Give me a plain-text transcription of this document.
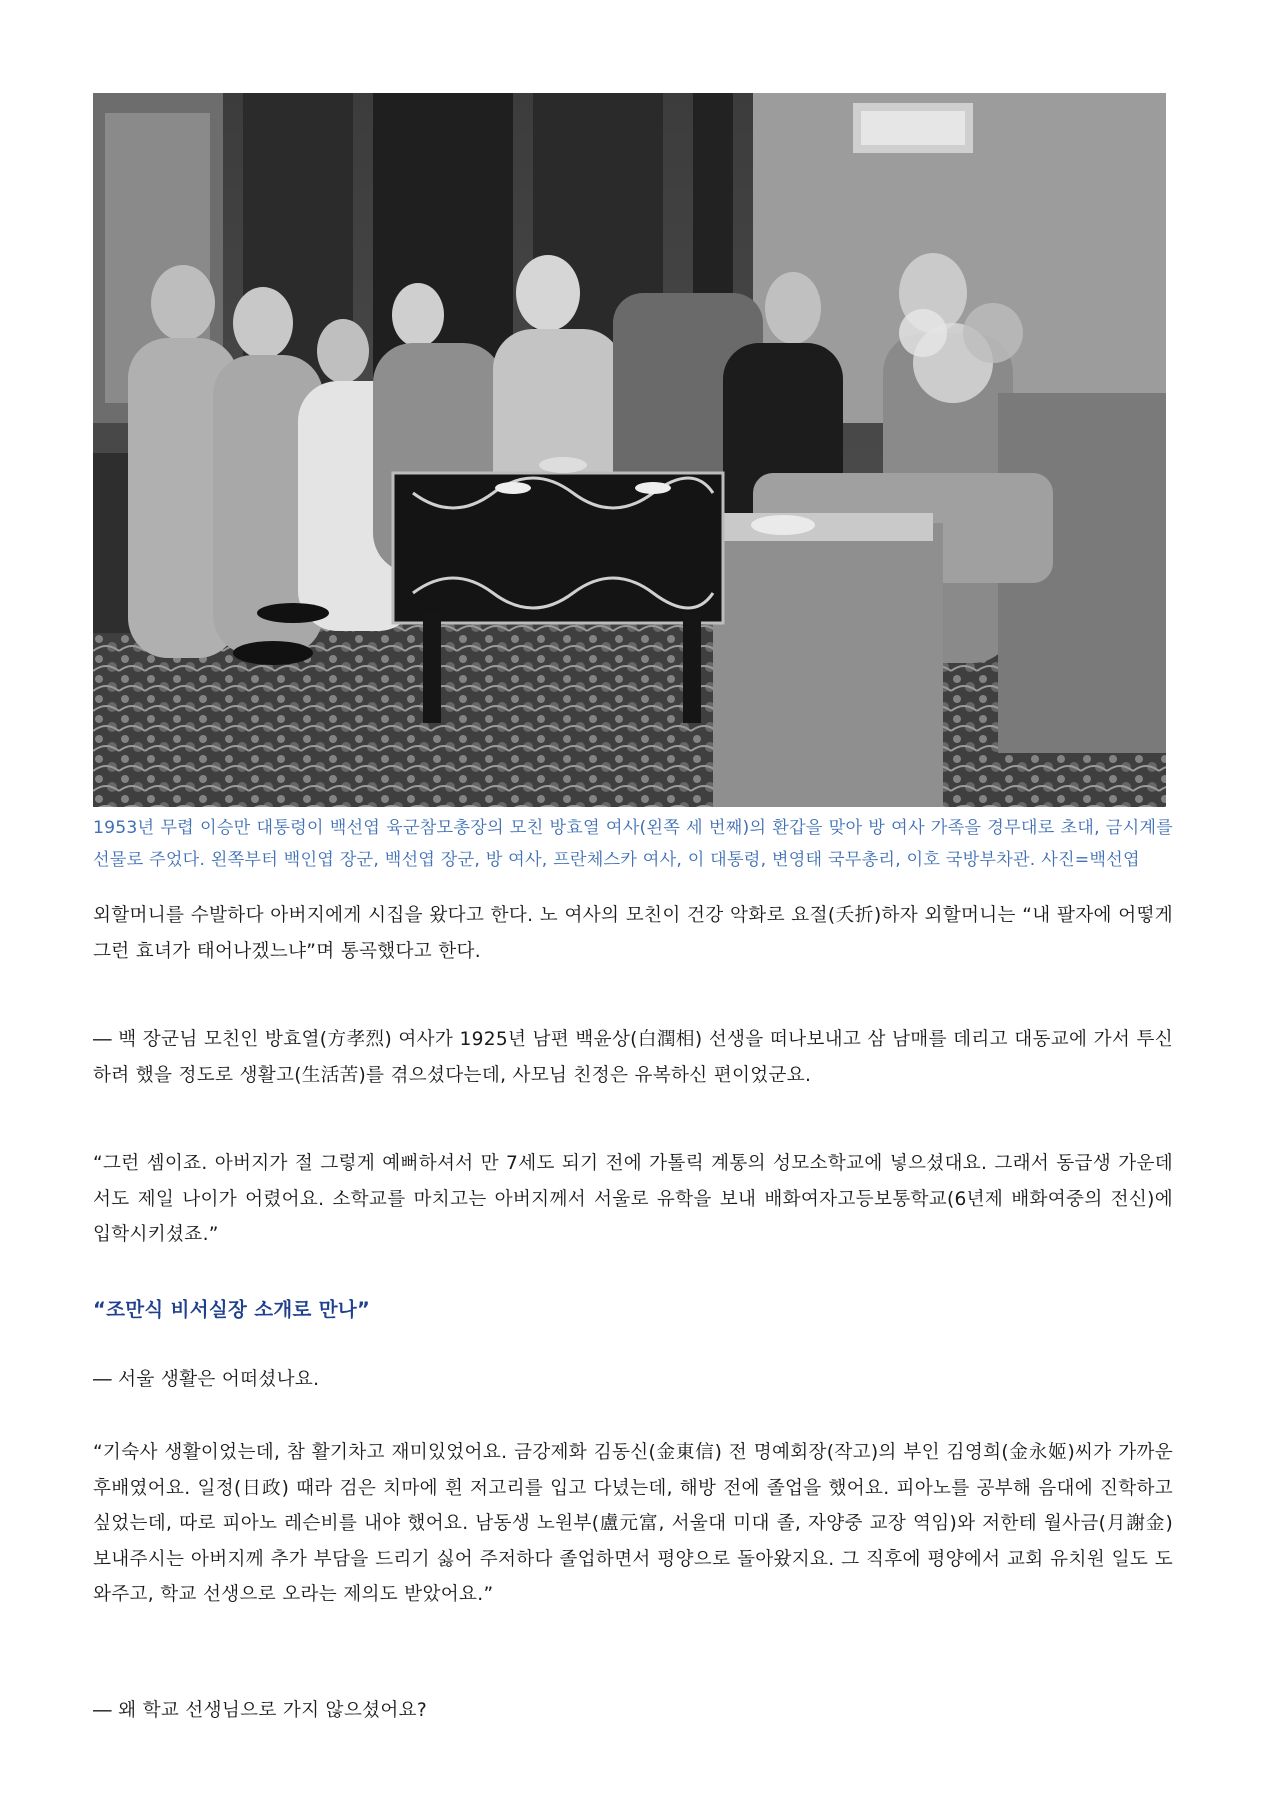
1953년 무렵 이승만 대통령이 백선엽 육군참모총장의 모친 방효열 여사(왼쪽 세 번째)의 환갑을 맞아 방 여사 가족을 경무대로 초대, 금시계를 선물로 주었다. 왼쪽부터 백인엽 장군, 백선엽 장군, 방 여사, 프란체스카 여사, 이 대통령, 변영태 국무총리, 이호 국방부차관. 사진=백선엽

외할머니를 수발하다 아버지에게 시집을 왔다고 한다. 노 여사의 모친이 건강 악화로 요절(夭折)하자 외할머니는 “내 팔자에 어떻게 그런 효녀가 태어나겠느냐”며 통곡했다고 한다.

― 백 장군님 모친인 방효열(方孝烈) 여사가 1925년 남편 백윤상(白潤相) 선생을 떠나보내고 삼 남매를 데리고 대동교에 가서 투신하려 했을 정도로 생활고(生活苦)를 겪으셨다는데, 사모님 친정은 유복하신 편이었군요.

“그런 셈이죠. 아버지가 절 그렇게 예뻐하셔서 만 7세도 되기 전에 가톨릭 계통의 성모소학교에 넣으셨대요. 그래서 동급생 가운데서도 제일 나이가 어렸어요. 소학교를 마치고는 아버지께서 서울로 유학을 보내 배화여자고등보통학교(6년제 배화여중의 전신)에 입학시키셨죠.”

“조만식 비서실장 소개로 만나”

― 서울 생활은 어떠셨나요.

“기숙사 생활이었는데, 참 활기차고 재미있었어요. 금강제화 김동신(金東信) 전 명예회장(작고)의 부인 김영희(金永姬)씨가 가까운 후배였어요. 일정(日政) 때라 검은 치마에 흰 저고리를 입고 다녔는데, 해방 전에 졸업을 했어요. 피아노를 공부해 음대에 진학하고 싶었는데, 따로 피아노 레슨비를 내야 했어요. 남동생 노원부(盧元富, 서울대 미대 졸, 자양중 교장 역임)와 저한테 월사금(月謝金) 보내주시는 아버지께 추가 부담을 드리기 싫어 주저하다 졸업하면서 평양으로 돌아왔지요. 그 직후에 평양에서 교회 유치원 일도 도와주고, 학교 선생으로 오라는 제의도 받았어요.”

― 왜 학교 선생님으로 가지 않으셨어요?
